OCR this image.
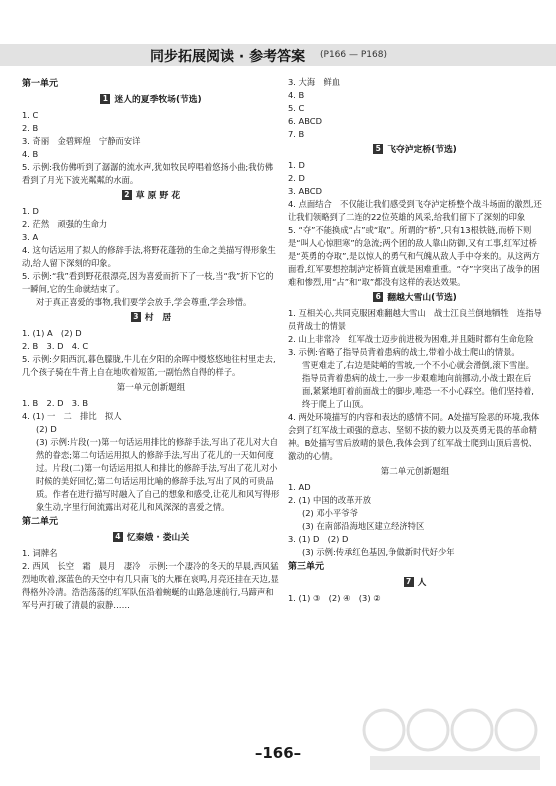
同步拓展阅读 · 参考答案 (P166 — P168)
第一单元
1 迷人的夏季牧场(节选)
1. C
2. B
3. 奇丽　金碧辉煌　宁静而安详
4. B
5. 示例:我仿佛听到了潺潺的流水声,犹如牧民哼唱着悠扬小曲;我仿佛看到了月光下波光粼粼的水面。
2 草 原 野 花
1. D
2. 茫然　顽强的生命力
3. A
4. 这句话运用了拟人的修辞手法,将野花蓬勃的生命之美描写得形象生动,给人留下深刻的印象。
5. 示例:“我”看到野花很漂亮,因为喜爱而折下了一枝,当“我”折下它的一瞬间,它的生命就结束了。
对于真正喜爱的事物,我们要学会放手,学会尊重,学会珍惜。
3 村　居
1. (1) A　(2) D
2. B　3. D　4. C
5. 示例:夕阳西沉,暮色朦胧,牛儿在夕阳的余晖中慢悠悠地往村里走去,几个孩子骑在牛背上自在地吹着短笛,一副怡然自得的样子。
第一单元创新题组
1. B　2. D　3. B
4. (1) 一　二　排比　拟人
(2) D
(3) 示例:片段(一)第一句话运用排比的修辞手法,写出了花儿对大自然的眷恋;第二句话运用拟人的修辞手法,写出了花儿的一天如何度过。片段(二)第一句话运用拟人和排比的修辞手法,写出了花儿对小时候的美好回忆;第二句话运用比喻的修辞手法,写出了风的可贵品质。作者在进行描写时融入了自己的想象和感受,让花儿和风写得形象生动,字里行间流露出对花儿和风深深的喜爱之情。
第二单元
4 忆秦娥 · 娄山关
1. 词牌名
2. 西风　长空　霜　晨月　凄冷　示例:一个凄冷的冬天的早晨,西风猛烈地吹着,深蓝色的天空中有几只南飞的大雁在哀鸣,月亮还挂在天边,显得格外冷清。浩浩荡荡的红军队伍沿着蜿蜒的山路急速前行,马蹄声和军号声打破了清晨的寂静……
3. 大海　鲜血
4. B
5. C
6. ABCD
7. B
5 飞夺泸定桥(节选)
1. D
2. D
3. ABCD
4. 点面结合　不仅能让我们感受到飞夺泸定桥整个战斗场面的激烈,还让我们领略到了二连的22位英雄的风采,给我们留下了深刻的印象
5. “夺”不能换成“占”或“取”。所谓的“桥”,只有13根铁链,而桥下则是“叫人心惊胆寒”的急流;两个团的敌人靠山防御,又有工事,红军过桥是“英勇的夺取”,是以惊人的勇气和气魄从敌人手中夺来的。从这两方面看,红军要想控制泸定桥简直就是困难重重。“夺”字突出了战争的困难和惨烈,用“占”和“取”都没有这样的表达效果。
6 翻越大雪山(节选)
1. 互相关心,共同克服困难翻越大雪山　战士江良兰倒地牺牲　连指导员背战士的情景
2. 山上非常冷　红军战士迈步前进极为困难,并且随时都有生命危险
3. 示例:省略了指导员背着患病的战士,带着小战士爬山的情景。
雪更难走了,右边是陡峭的雪坡,一个不小心就会滑倒,滚下雪崖。指导员背着患病的战士,一步一步艰难地向前挪动,小战士跟在后面,紧紧地盯着前面战士的脚步,唯恐一不小心踩空。他们坚持着,终于爬上了山顶。
4. 两处环境描写的内容和表达的感情不同。A处描写险恶的环境,我体会到了红军战士顽强的意志、坚韧不拔的毅力以及英勇无畏的革命精神。B处描写雪后放晴的景色,我体会到了红军战士爬到山顶后喜悦、激动的心情。
第二单元创新题组
1. AD
2. (1) 中国的改革开放
(2) 邓小平爷爷
(3) 在南部沿海地区建立经济特区
3. (1) D　(2) D
(3) 示例:传承红色基因,争做新时代好少年
第三单元
7 人
1. (1) ③　(2) ④　(3) ②
–166–
